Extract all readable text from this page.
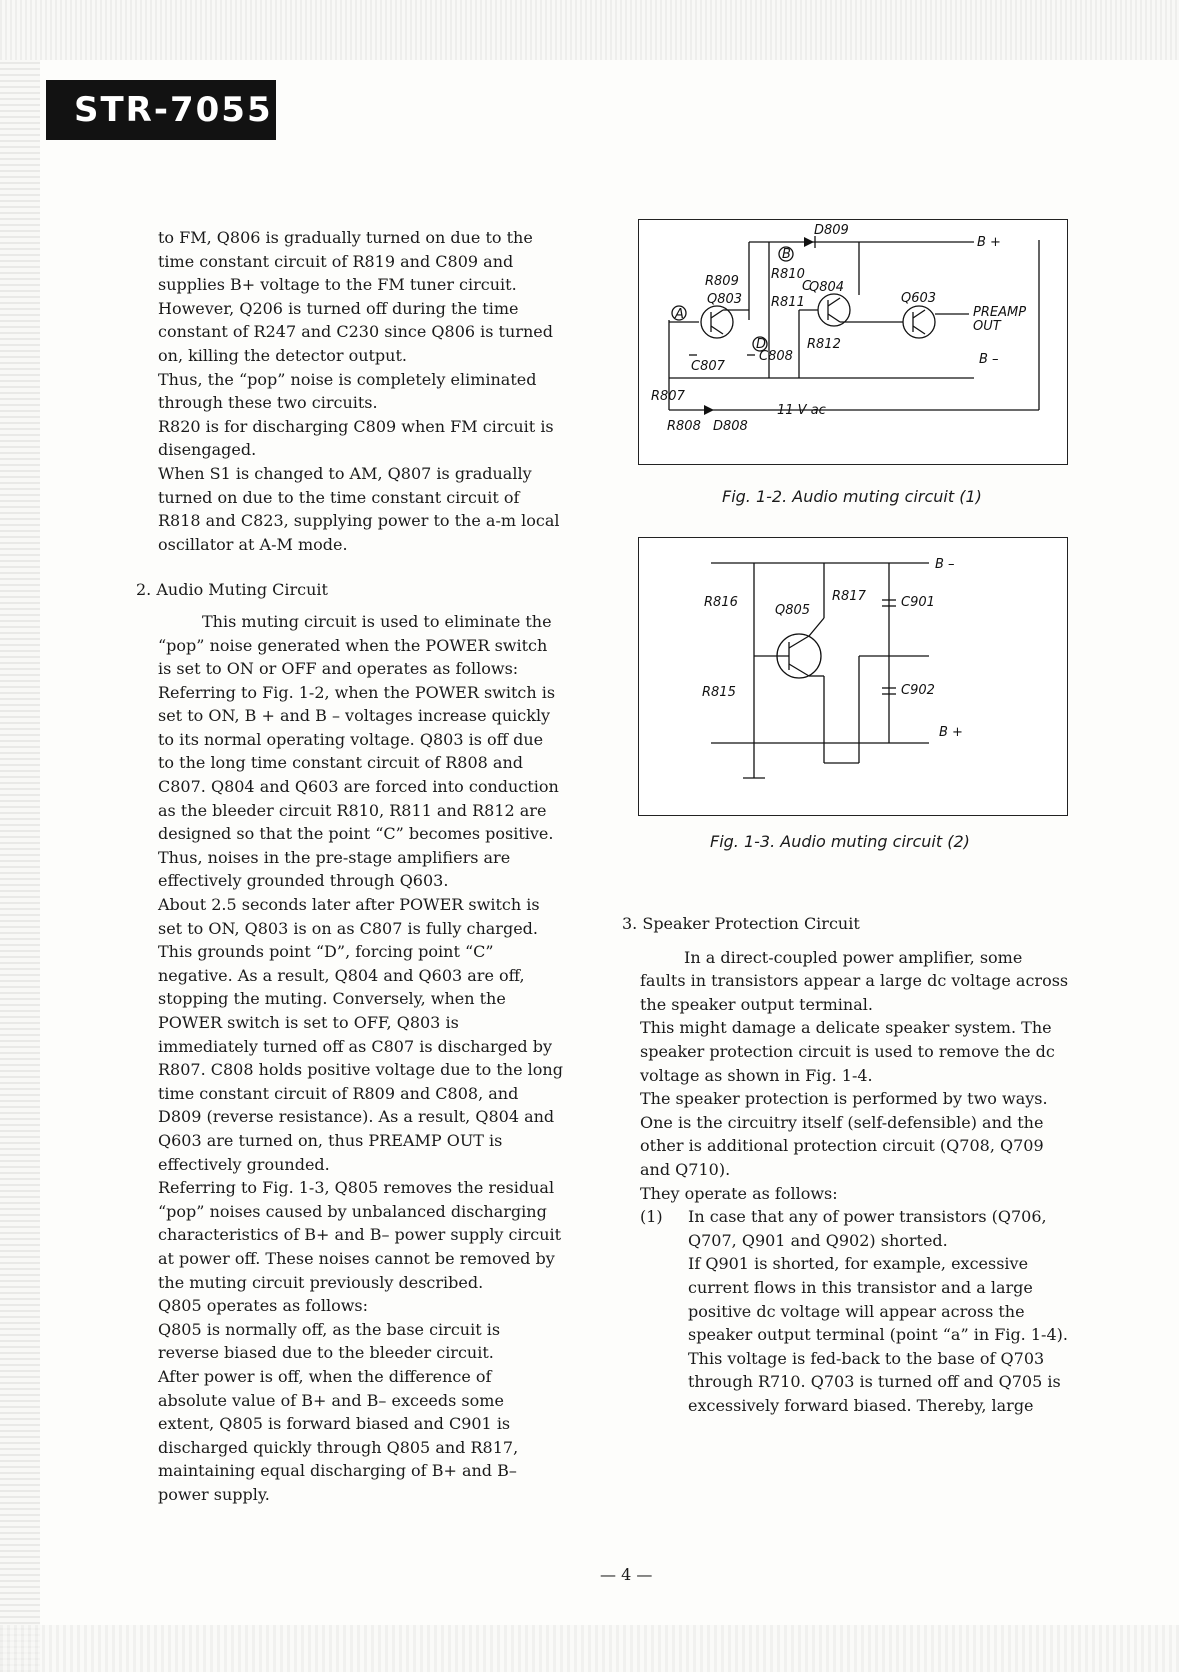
STR-7055

to FM, Q806 is gradually turned on due to the time constant circuit of R819 and C809 and supplies B+ voltage to the FM tuner circuit.

However, Q206 is turned off during the time constant of R247 and C230 since Q806 is turned on, killing the detector output.

Thus, the “pop” noise is completely eliminated through these two circuits.

R820 is for discharging C809 when FM circuit is disengaged.

When S1 is changed to AM, Q807 is gradually turned on due to the time constant circuit of R818 and C823, supplying power to the a-m local oscillator at A-M mode.

2. Audio Muting Circuit

This muting circuit is used to eliminate the “pop” noise generated when the POWER switch is set to ON or OFF and operates as follows: Referring to Fig. 1-2, when the POWER switch is set to ON, B + and B – voltages increase quickly to its normal operating voltage. Q803 is off due to the long time constant circuit of R808 and C807. Q804 and Q603 are forced into conduction as the bleeder circuit R810, R811 and R812 are designed so that the point “C” becomes positive. Thus, noises in the pre-stage amplifiers are effectively grounded through Q603.

About 2.5 seconds later after POWER switch is set to ON, Q803 is on as C807 is fully charged. This grounds point “D”, forcing point “C” negative. As a result, Q804 and Q603 are off, stopping the muting. Conversely, when the POWER switch is set to OFF, Q803 is immediately turned off as C807 is discharged by R807. C808 holds positive voltage due to the long time constant circuit of R809 and C808, and D809 (reverse resistance). As a result, Q804 and Q603 are turned on, thus PREAMP OUT is effectively grounded.

Referring to Fig. 1-3, Q805 removes the residual “pop” noises caused by unbalanced discharging characteristics of B+ and B– power supply circuit at power off. These noises cannot be removed by the muting circuit previously described.

Q805 operates as follows:

Q805 is normally off, as the base circuit is reverse biased due to the bleeder circuit.

After power is off, when the difference of absolute value of B+ and B– exceeds some extent, Q805 is forward biased and C901 is discharged quickly through Q805 and R817, maintaining equal discharging of B+ and B– power supply.

D809
B +
B
R810
R809	Q804
C
Q803 R811	Q603
PREAMP
OUT
A
D	R812
C807
C808	B –
R807
11 V ac
R808 D808
Fig. 1-2. Audio muting circuit (1)
B –
R816	R817
Q805
C901
R815	C902
B +
Fig. 1-3. Audio muting circuit (2)

3. Speaker Protection Circuit

In a direct-coupled power amplifier, some faults in transistors appear a large dc voltage across the speaker output terminal.

This might damage a delicate speaker system. The speaker protection circuit is used to remove the dc voltage as shown in Fig. 1-4.

The speaker protection is performed by two ways. One is the circuitry itself (self-defensible) and the other is additional protection circuit (Q708, Q709 and Q710).

They operate as follows:

(1) In case that any of power transistors (Q706, Q707, Q901 and Q902) shorted.

If Q901 is shorted, for example, excessive current flows in this transistor and a large positive dc voltage will appear across the speaker output terminal (point “a” in Fig. 1-4).

This voltage is fed-back to the base of Q703 through R710. Q703 is turned off and Q705 is excessively forward biased. Thereby, large

— 4 —
